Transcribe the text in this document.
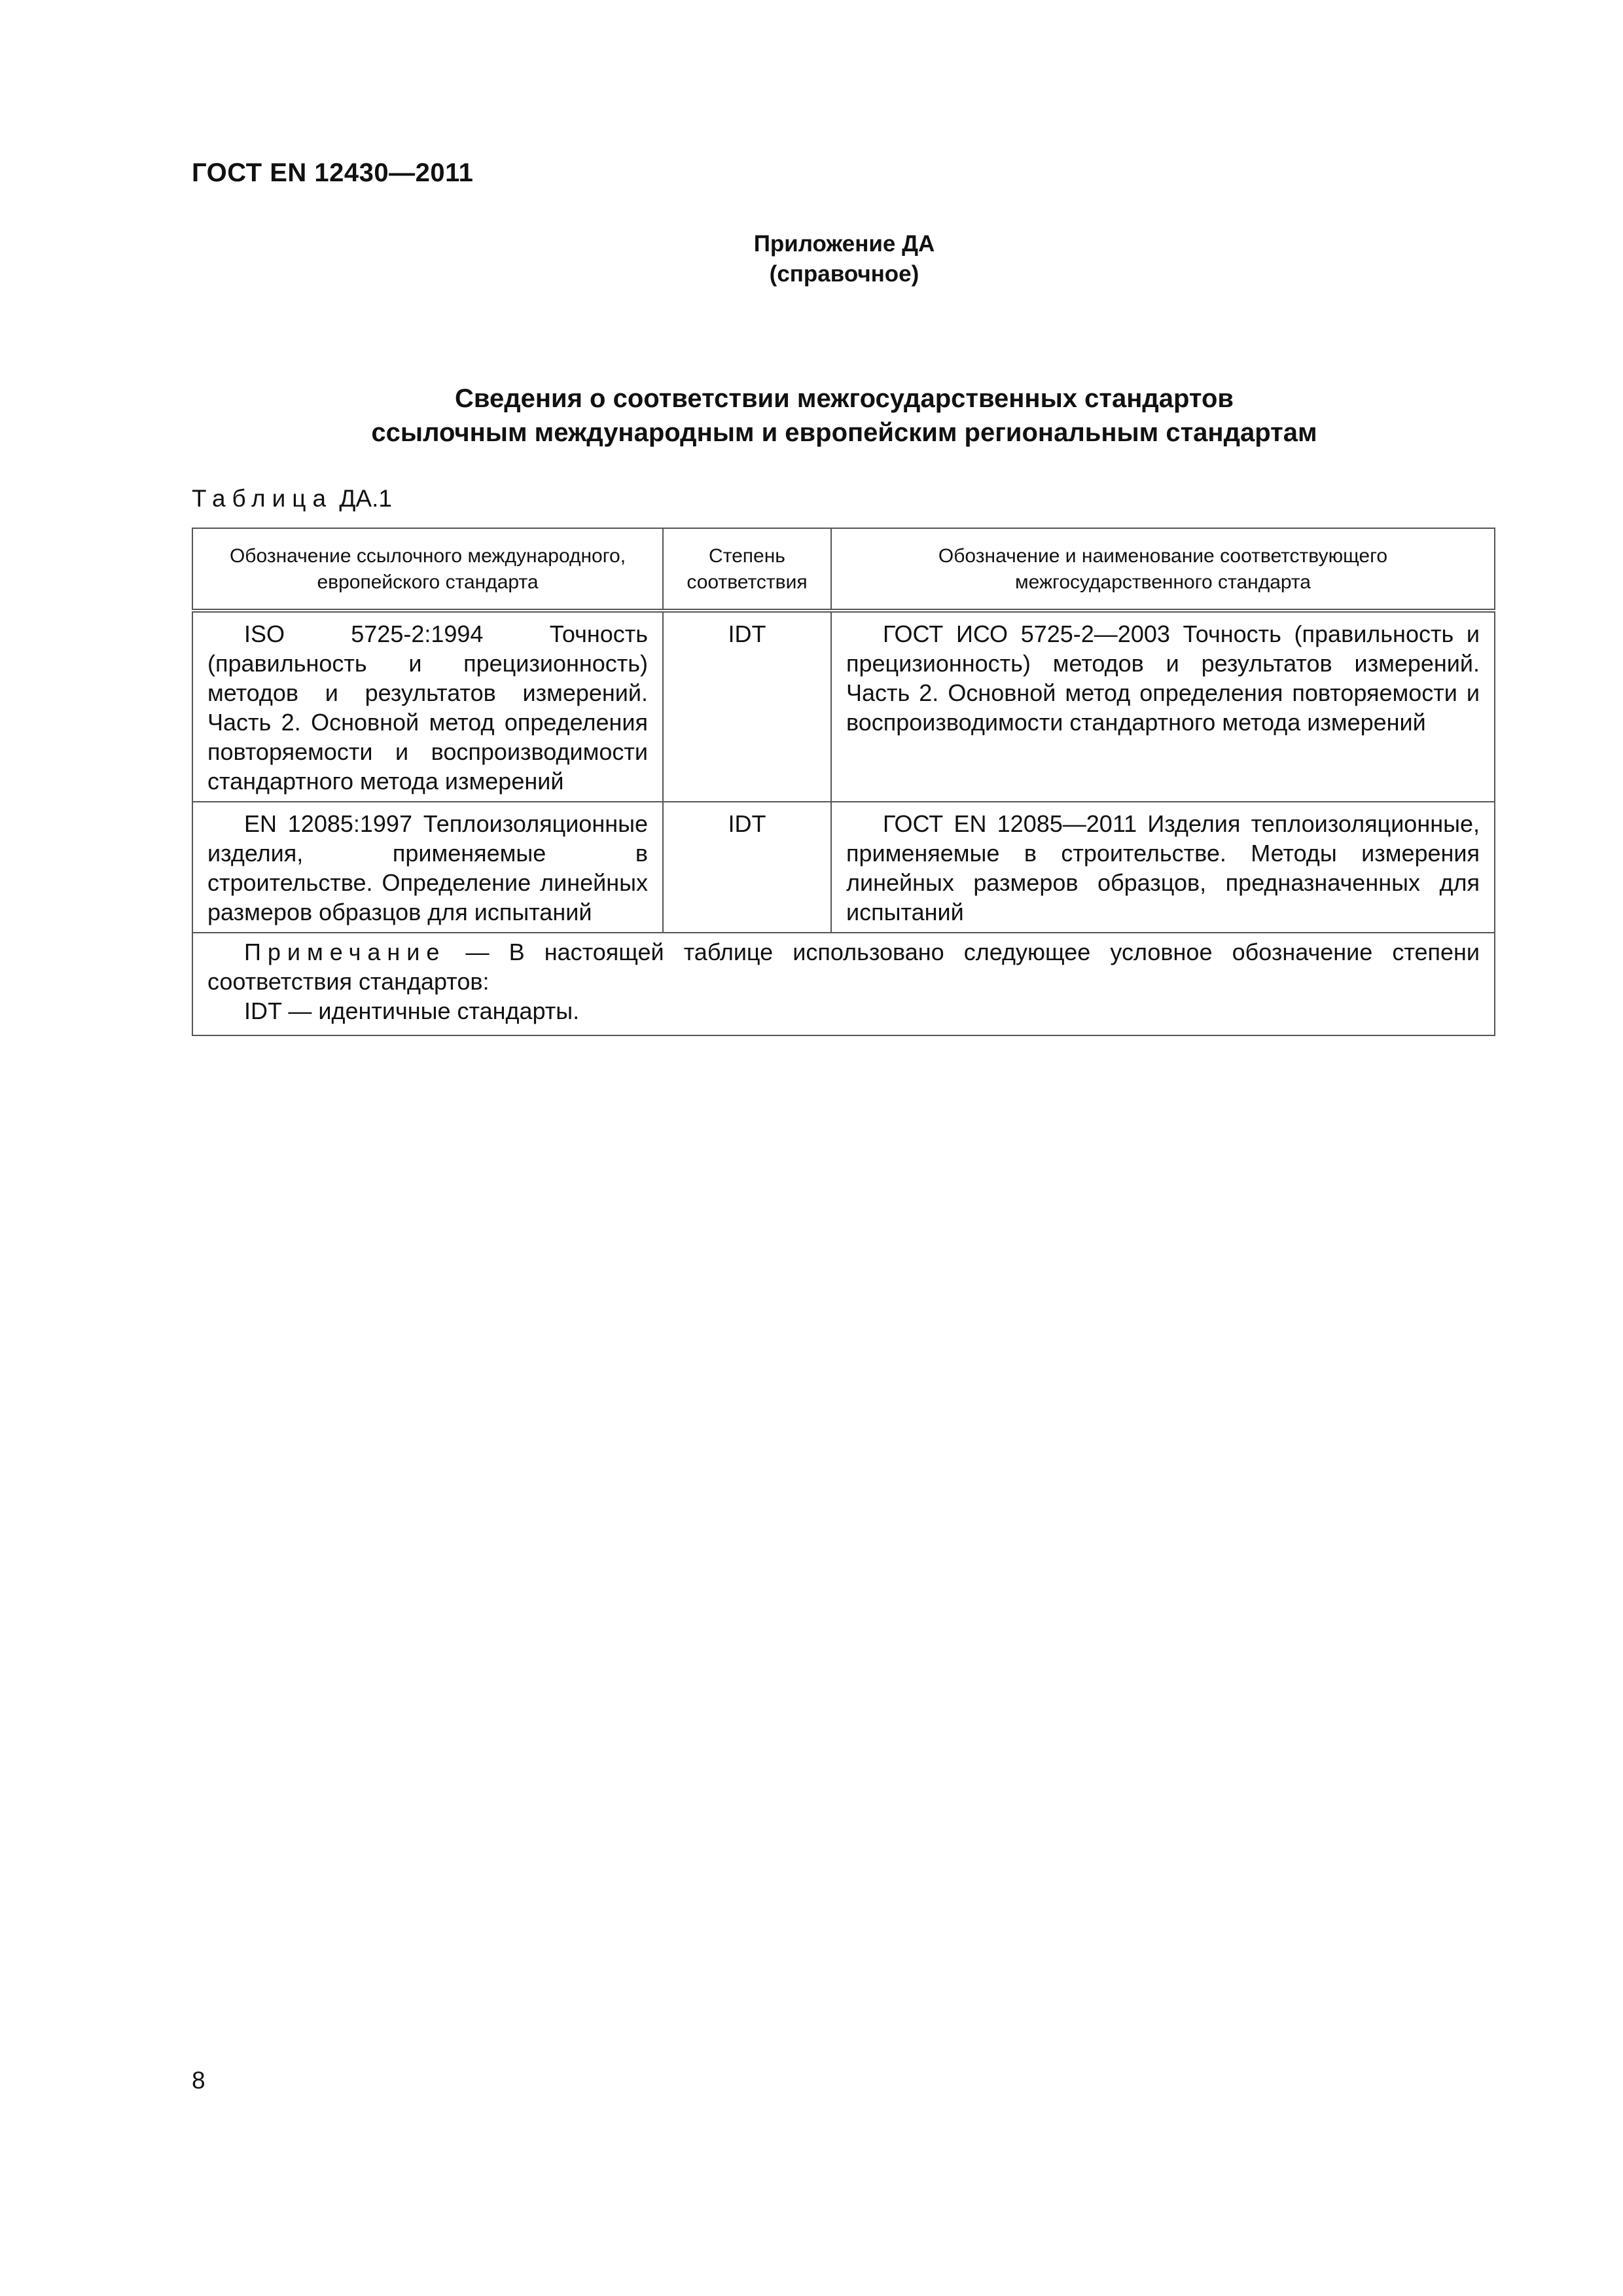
ГОСТ EN 12430—2011
Приложение ДА
(справочное)
Сведения о соответствии межгосударственных стандартов
ссылочным международным и европейским региональным стандартам
Таблица ДА.1
Обозначение ссылочного международного, европейского стандарта	Степень соответствия	Обозначение и наименование соответствующего межгосударственного стандарта
ISO 5725-2:1994 Точность (правильность и прецизионность) методов и результатов измерений. Часть 2. Основной метод определения повторяемости и воспроизводимости стандартного метода измерений	IDT	ГОСТ ИСО 5725-2—2003 Точность (правильность и прецизионность) методов и результатов измерений. Часть 2. Основной метод определения повторяемости и воспроизводимости стандартного метода измерений
EN 12085:1997 Теплоизоляционные изделия, применяемые в строительстве. Определение линейных размеров образцов для испытаний	IDT	ГОСТ EN 12085—2011 Изделия теплоизоляционные, применяемые в строительстве. Методы измерения линейных размеров образцов, предназначенных для испытаний

Примечание — В настоящей таблице использовано следующее условное обозначение степени соответствия стандартов:
IDT — идентичные стандарты.		
8
